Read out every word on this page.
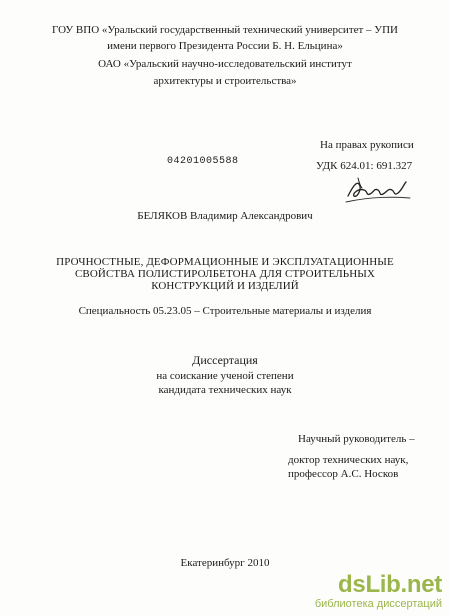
ГОУ ВПО «Уральский государственный технический университет – УПИ
имени первого Президента России Б. Н. Ельцина»
ОАО «Уральский научно-исследовательский институт
архитектуры и строительства»
На правах рукописи
УДК 624.01: 691.327
04201005588
БЕЛЯКОВ Владимир Александрович
ПРОЧНОСТНЫЕ, ДЕФОРМАЦИОННЫЕ И ЭКСПЛУАТАЦИОННЫЕ
СВОЙСТВА ПОЛИСТИРОЛБЕТОНА ДЛЯ СТРОИТЕЛЬНЫХ
КОНСТРУКЦИЙ И ИЗДЕЛИЙ
Специальность 05.23.05 – Строительные материалы и изделия
Диссертация
на соискание ученой степени
кандидата технических наук
Научный руководитель –
доктор технических наук,
профессор А.С. Носков
Екатеринбург 2010
dsLib.net
библиотека диссертаций
